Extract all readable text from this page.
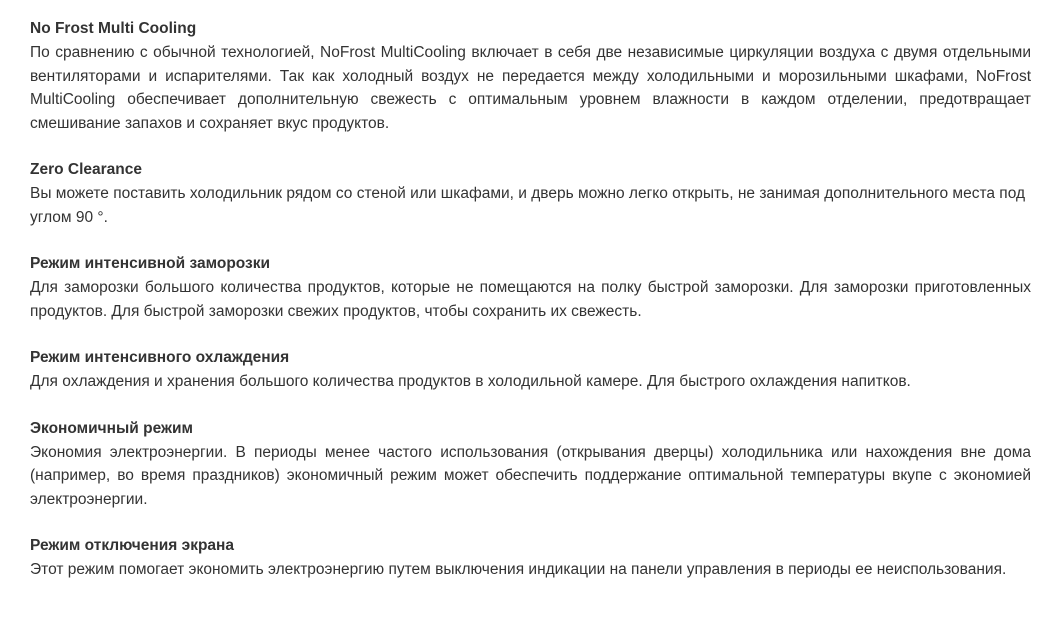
No Frost Multi Cooling

По сравнению с обычной технологией, NoFrost MultiCooling включает в себя две независимые циркуляции воздуха с двумя отдельными вентиляторами и испарителями. Так как холодный воздух не передается между холодильными и морозильными шкафами, NoFrost MultiCooling обеспечивает дополнительную свежесть с оптимальным уровнем влажности в каждом отделении, предотвращает смешивание запахов и сохраняет вкус продуктов.

Zero Clearance

Вы можете поставить холодильник рядом со стеной или шкафами, и дверь можно легко открыть, не занимая дополнительного места под углом 90 °.

Режим интенсивной заморозки

Для заморозки большого количества продуктов, которые не помещаются на полку быстрой заморозки. Для заморозки приготовленных продуктов. Для быстрой заморозки свежих продуктов, чтобы сохранить их свежесть.

Режим интенсивного охлаждения

Для охлаждения и хранения большого количества продуктов в холодильной камере. Для быстрого охлаждения напитков.

Экономичный режим

Экономия электроэнергии. В периоды менее частого использования (открывания дверцы) холодильника или нахождения вне дома (например, во время праздников) экономичный режим может обеспечить поддержание оптимальной температуры вкупе с экономией электроэнергии.

Режим отключения экрана

Этот режим помогает экономить электроэнергию путем выключения индикации на панели управления в периоды ее неиспользования.
